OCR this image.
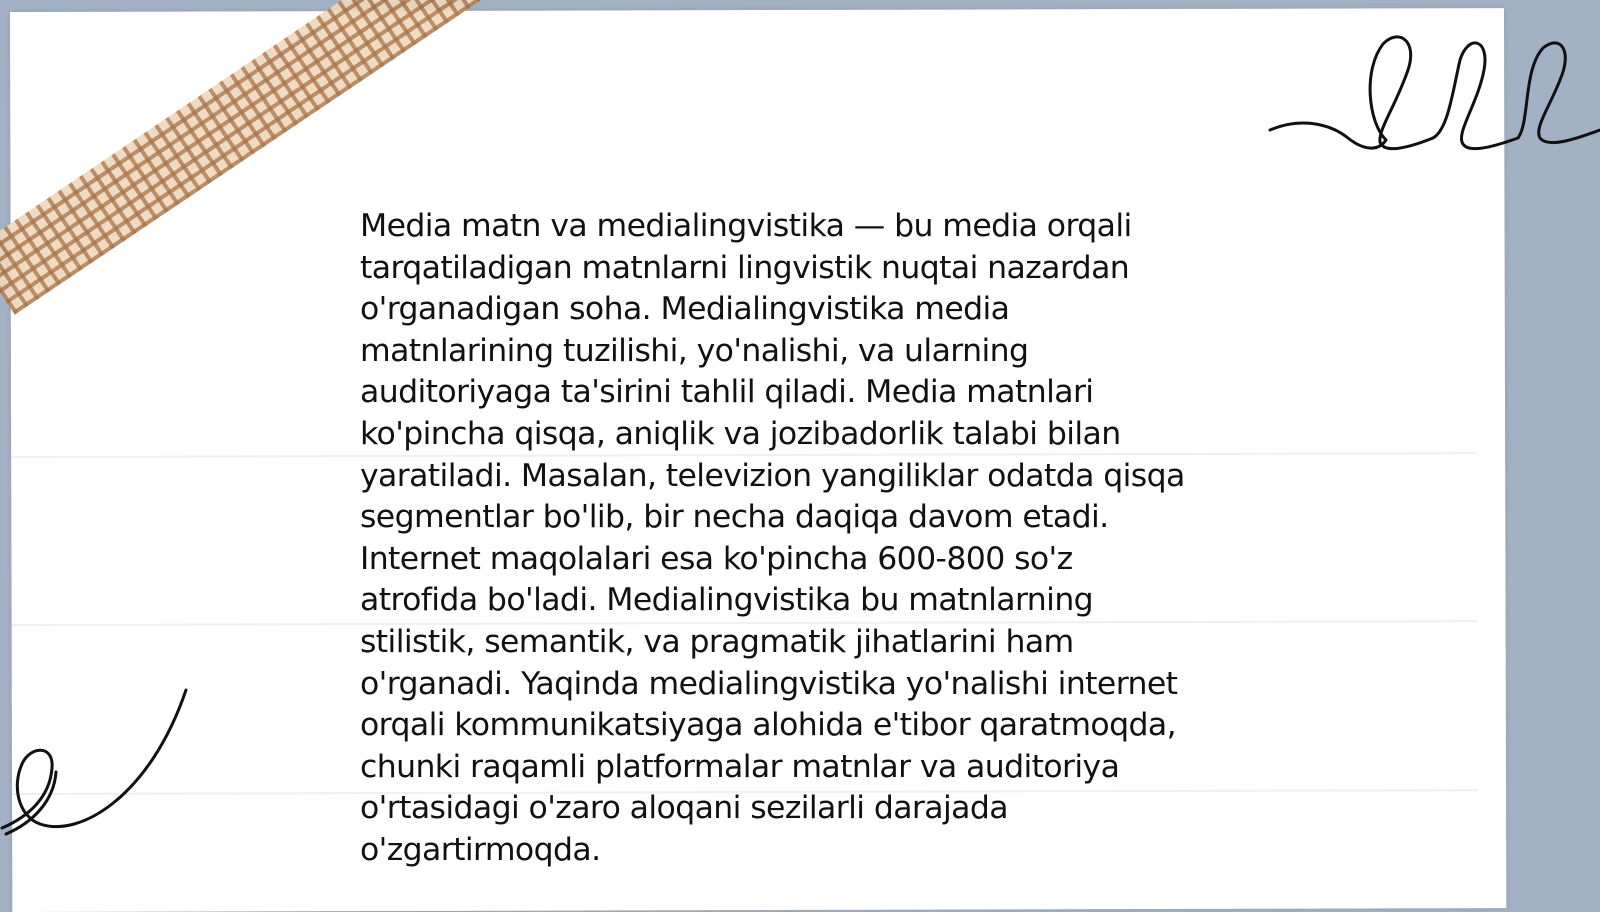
Media matn va medialingvistika — bu media orqali
tarqatiladigan matnlarni lingvistik nuqtai nazardan
o'rganadigan soha. Medialingvistika media
matnlarining tuzilishi, yo'nalishi, va ularning
auditoriyaga ta'sirini tahlil qiladi. Media matnlari
ko'pincha qisqa, aniqlik va jozibadorlik talabi bilan
yaratiladi. Masalan, televizion yangiliklar odatda qisqa
segmentlar bo'lib, bir necha daqiqa davom etadi.
Internet maqolalari esa ko'pincha 600-800 so'z
atrofida bo'ladi. Medialingvistika bu matnlarning
stilistik, semantik, va pragmatik jihatlarini ham
o'rganadi. Yaqinda medialingvistika yo'nalishi internet
orqali kommunikatsiyaga alohida e'tibor qaratmoqda,
chunki raqamli platformalar matnlar va auditoriya
o'rtasidagi o'zaro aloqani sezilarli darajada
o'zgartirmoqda.
